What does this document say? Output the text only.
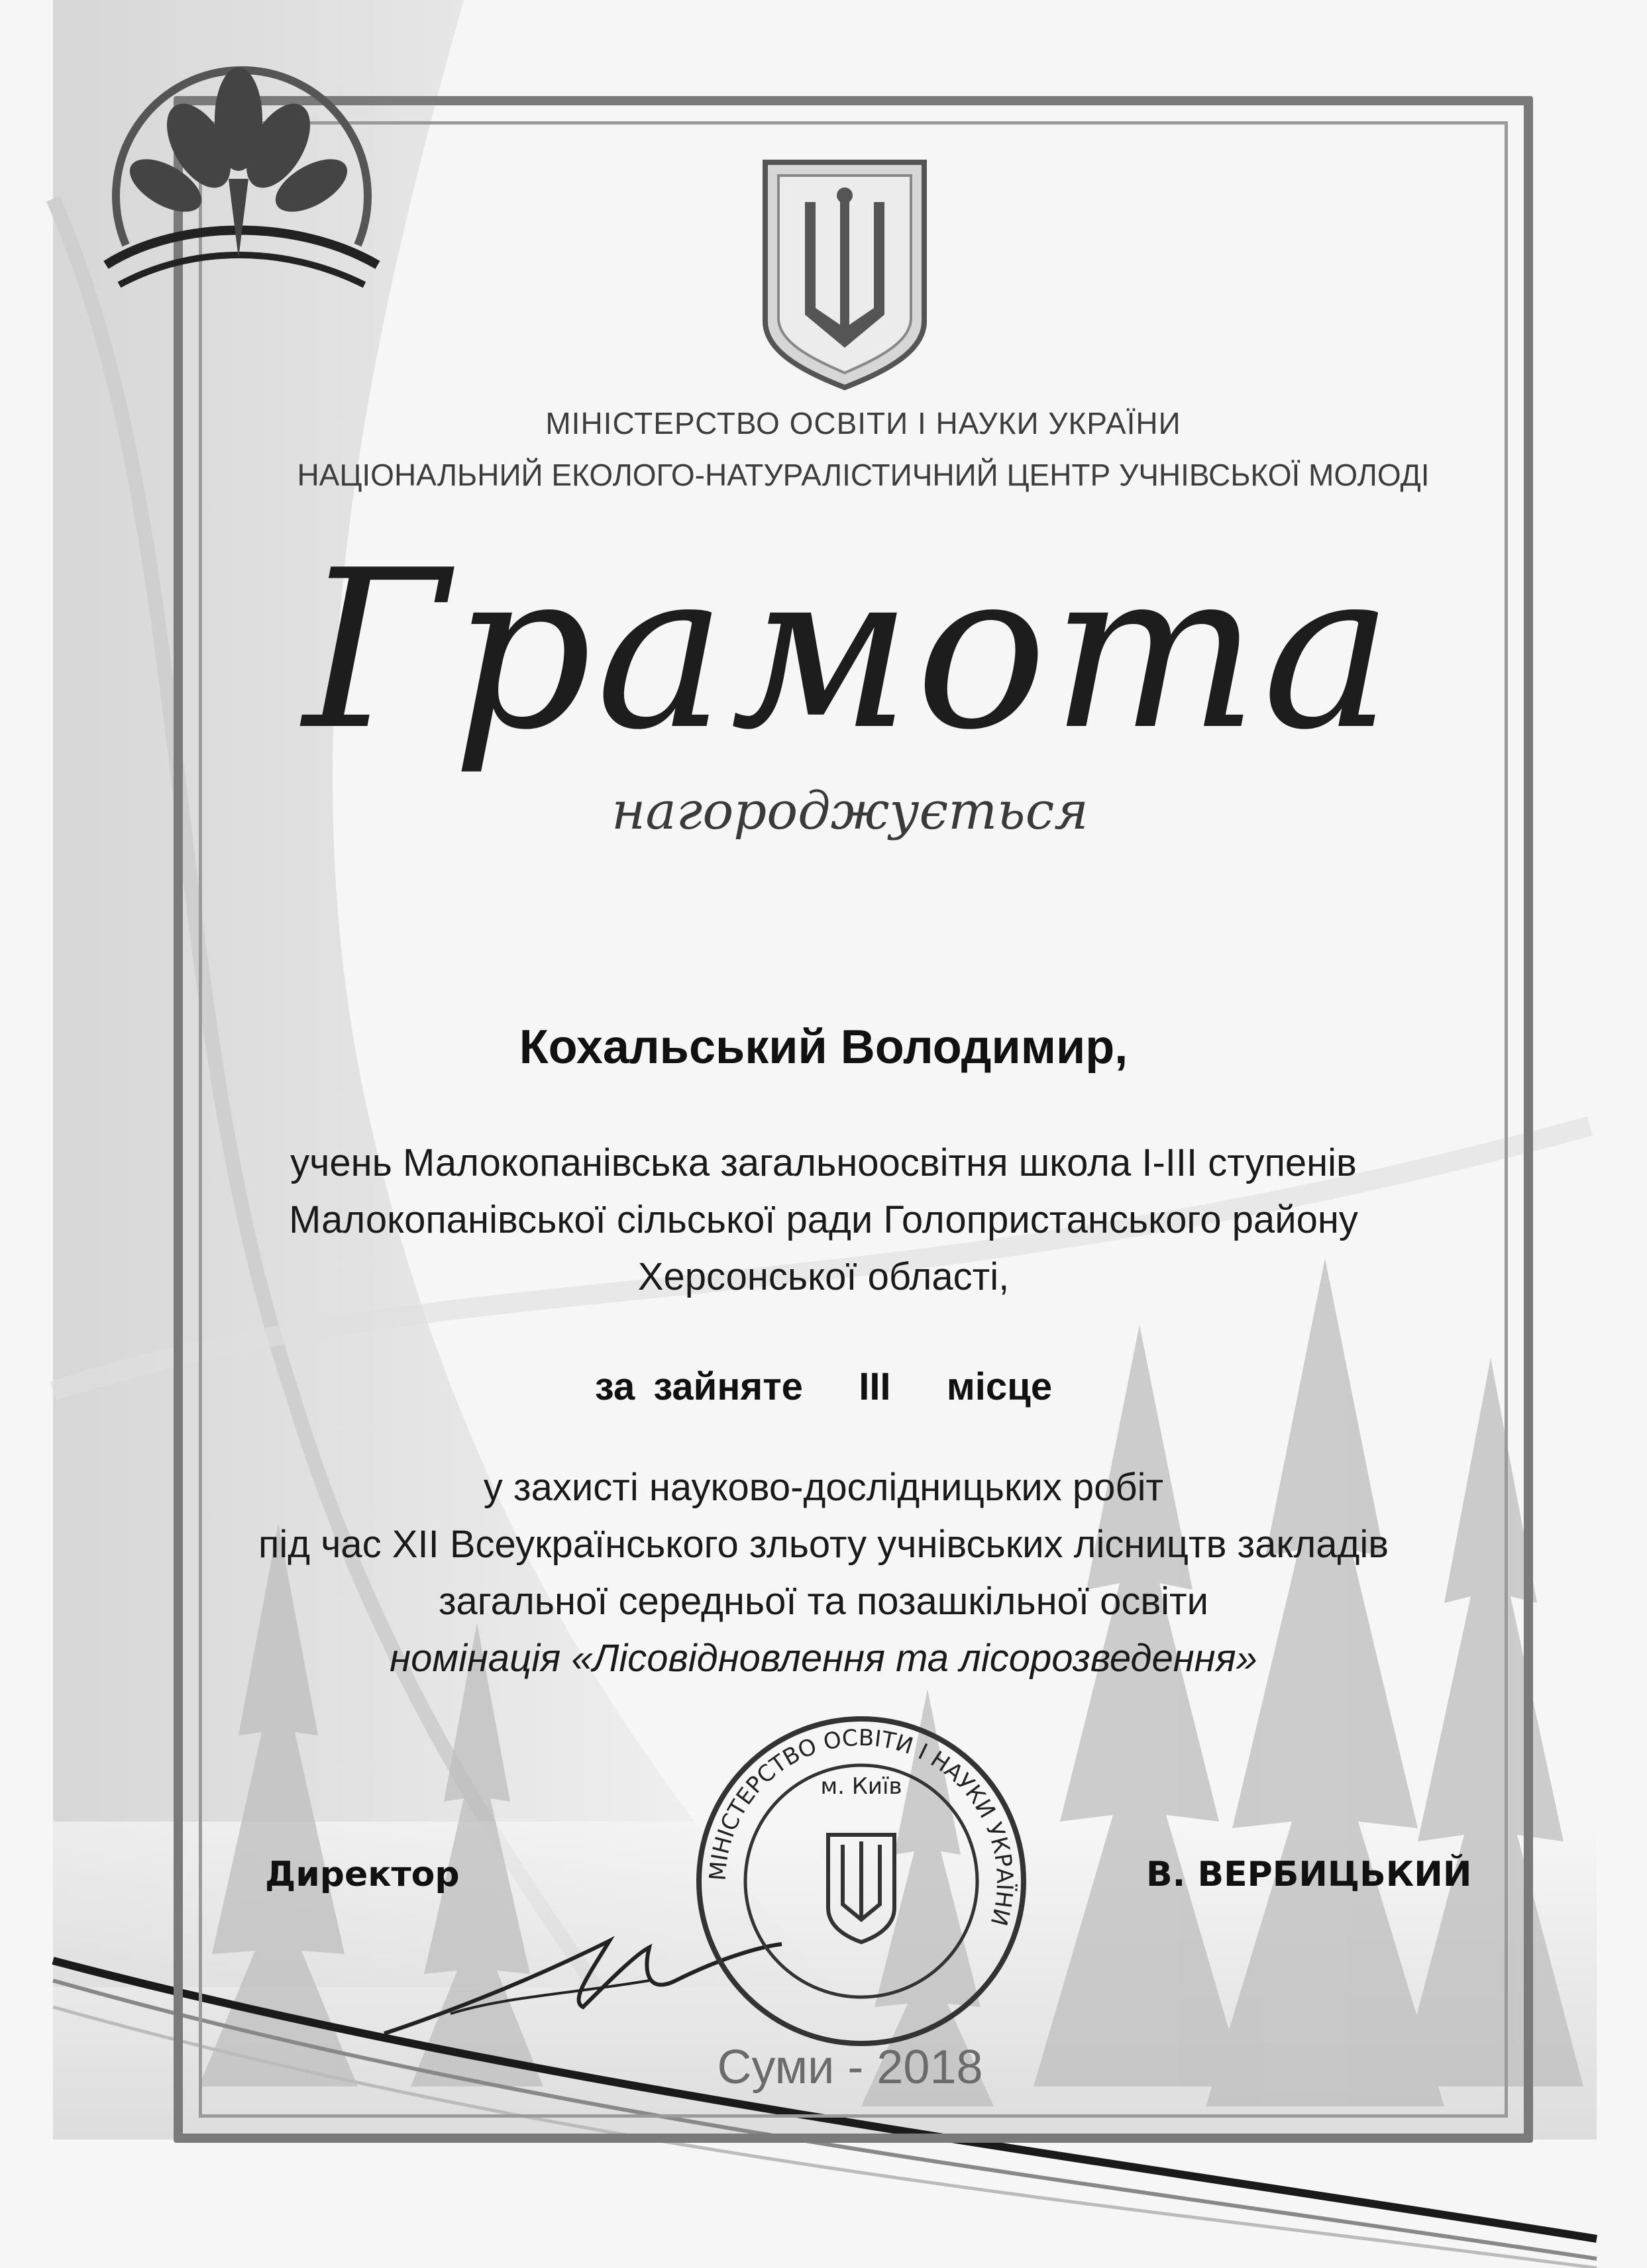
МІНІСТЕРСТВО ОСВІТИ І НАУКИ УКРАЇНИ
НАЦІОНАЛЬНИЙ ЕКОЛОГО-НАТУРАЛІСТИЧНИЙ ЦЕНТР УЧНІВСЬКОЇ МОЛОДІ
Грамота
нагороджується
Кохальський Володимир,
учень Малокопанівська загальноосвітня школа I-III ступенів
Малокопанівської сільської ради Голопристанського району
Херсонської області,
за зайняте   III   місце
у захисті науково-дослідницьких робіт
під час XII Всеукраїнського зльоту учнівських лісництв закладів
загальної середньої та позашкільної освіти
номінація «Лісовідновлення та лісорозведення»
Директор	В. ВЕРБИЦЬКИЙ
МІНІСТЕРСТВО ОСВІТИ І НАУКИ УКРАЇНИ
м. Київ
Суми - 2018
